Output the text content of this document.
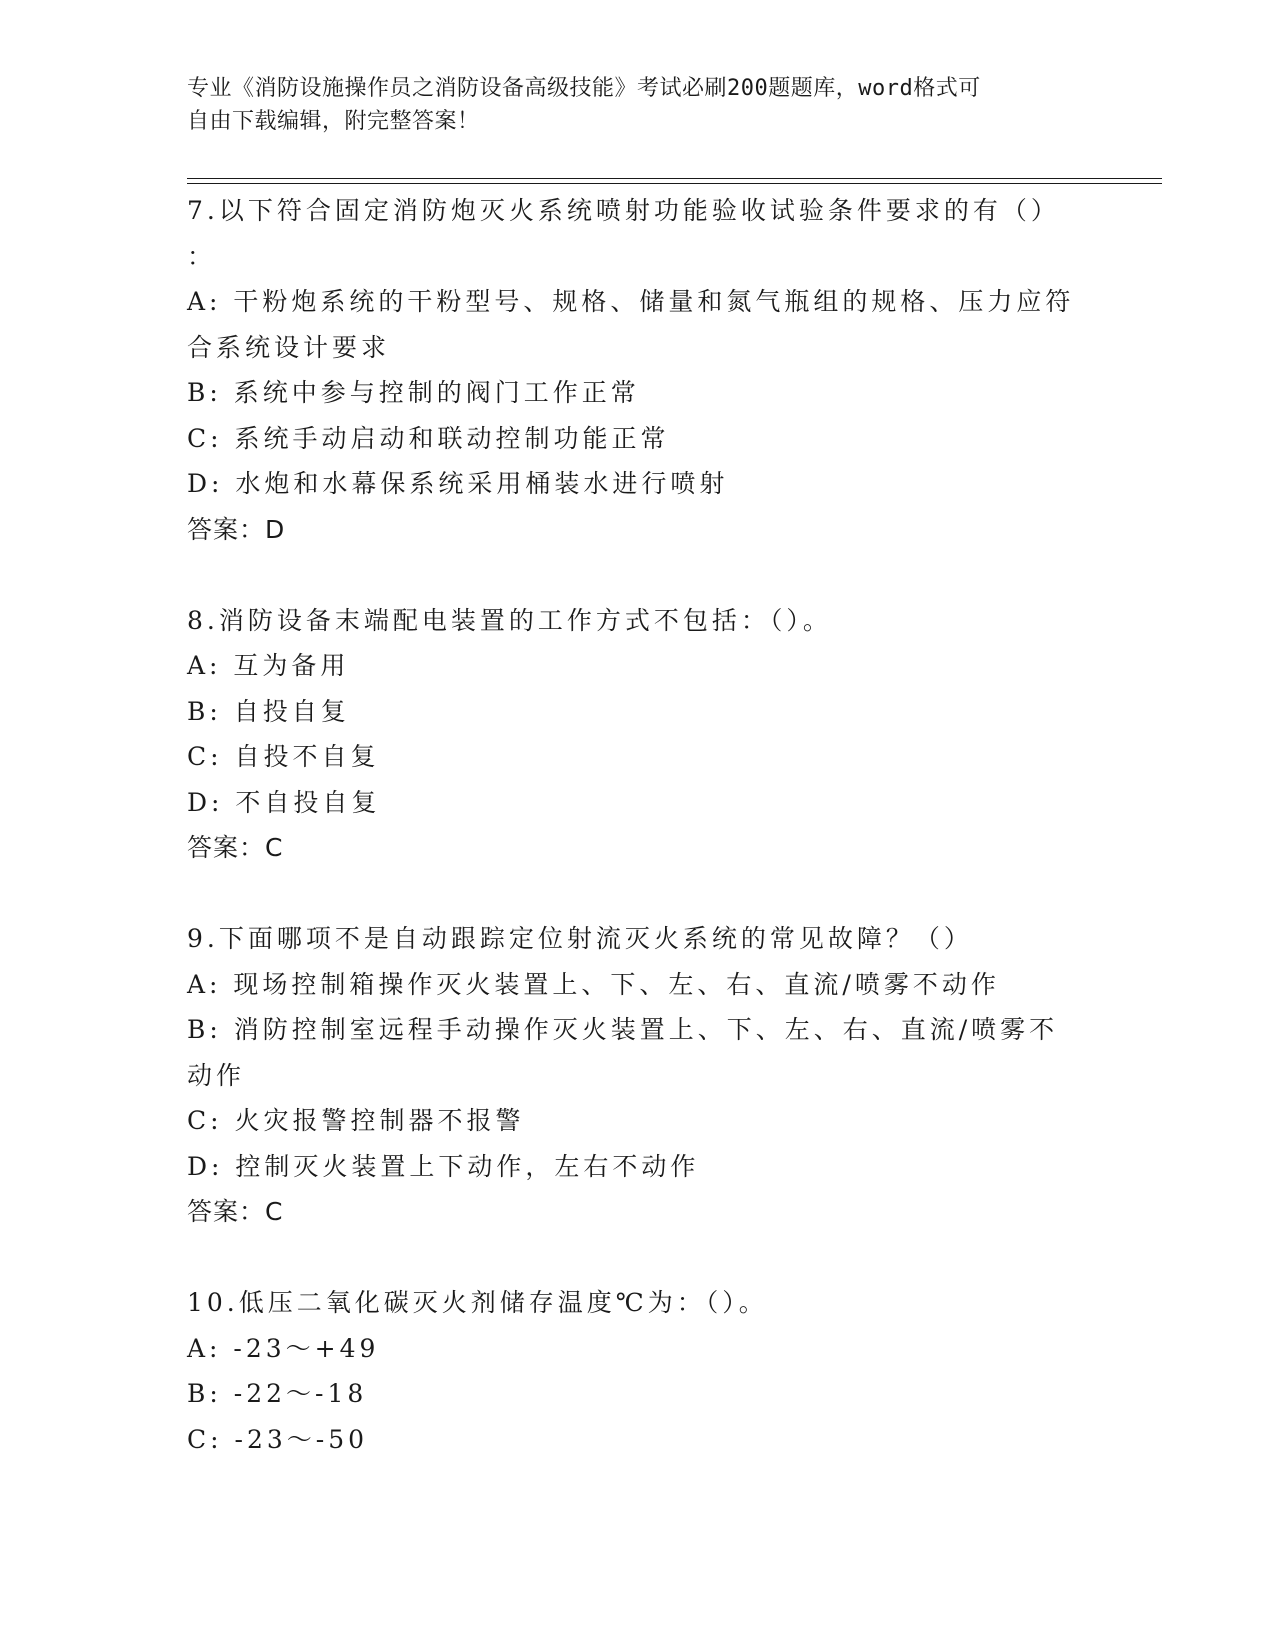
专业《消防设施操作员之消防设备高级技能》考试必刷200题题库，word格式可
自由下载编辑，附完整答案！
7.以下符合固定消防炮灭火系统喷射功能验收试验条件要求的有（）
：
A: 干粉炮系统的干粉型号、规格、储量和氮气瓶组的规格、压力应符
合系统设计要求
B: 系统中参与控制的阀门工作正常
C: 系统手动启动和联动控制功能正常
D: 水炮和水幕保系统采用桶装水进行喷射
答案：D
8.消防设备末端配电装置的工作方式不包括：（）。
A: 互为备用
B: 自投自复
C: 自投不自复
D: 不自投自复
答案：C
9.下面哪项不是自动跟踪定位射流灭火系统的常见故障？（）
A: 现场控制箱操作灭火装置上、下、左、右、直流/喷雾不动作
B: 消防控制室远程手动操作灭火装置上、下、左、右、直流/喷雾不
动作
C: 火灾报警控制器不报警
D: 控制灭火装置上下动作，左右不动作
答案：C
10.低压二氧化碳灭火剂储存温度℃为：（）。
A: -23～+49
B: -22～-18
C: -23～-50
